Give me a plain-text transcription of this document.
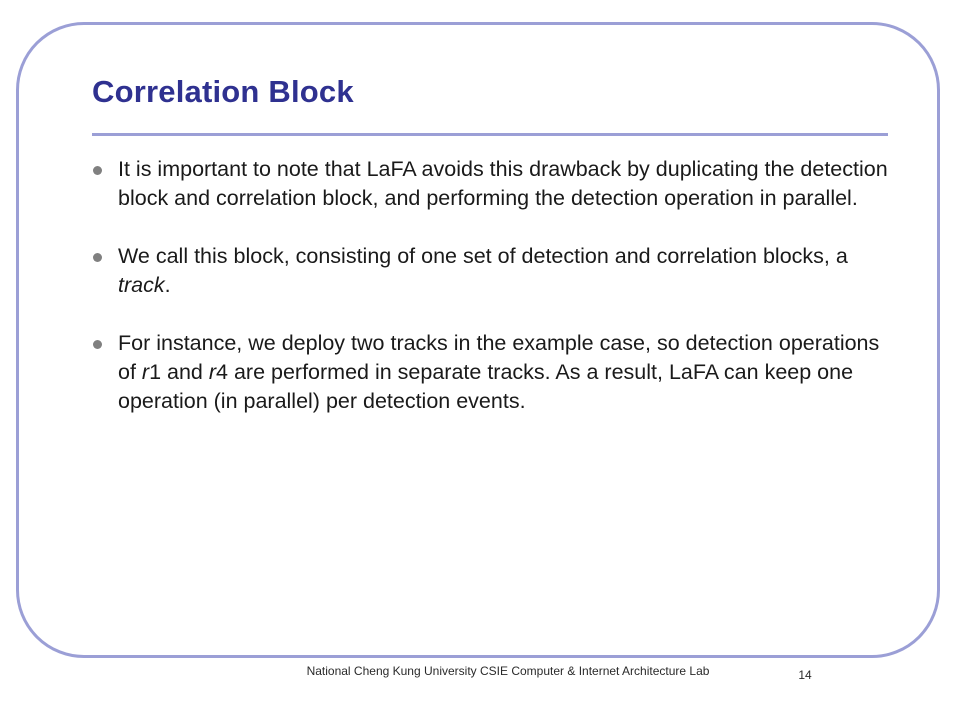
Correlation Block
It is important to note that LaFA avoids this drawback by duplicating the detection block and correlation block, and performing the detection operation in parallel.
We call this block, consisting of one set of detection and correlation blocks, a track.
For instance, we deploy two tracks in the example case, so detection operations of r1 and r4 are performed in separate tracks. As a result, LaFA can keep one operation (in parallel) per detection events.
National Cheng Kung University CSIE Computer & Internet Architecture Lab	14
